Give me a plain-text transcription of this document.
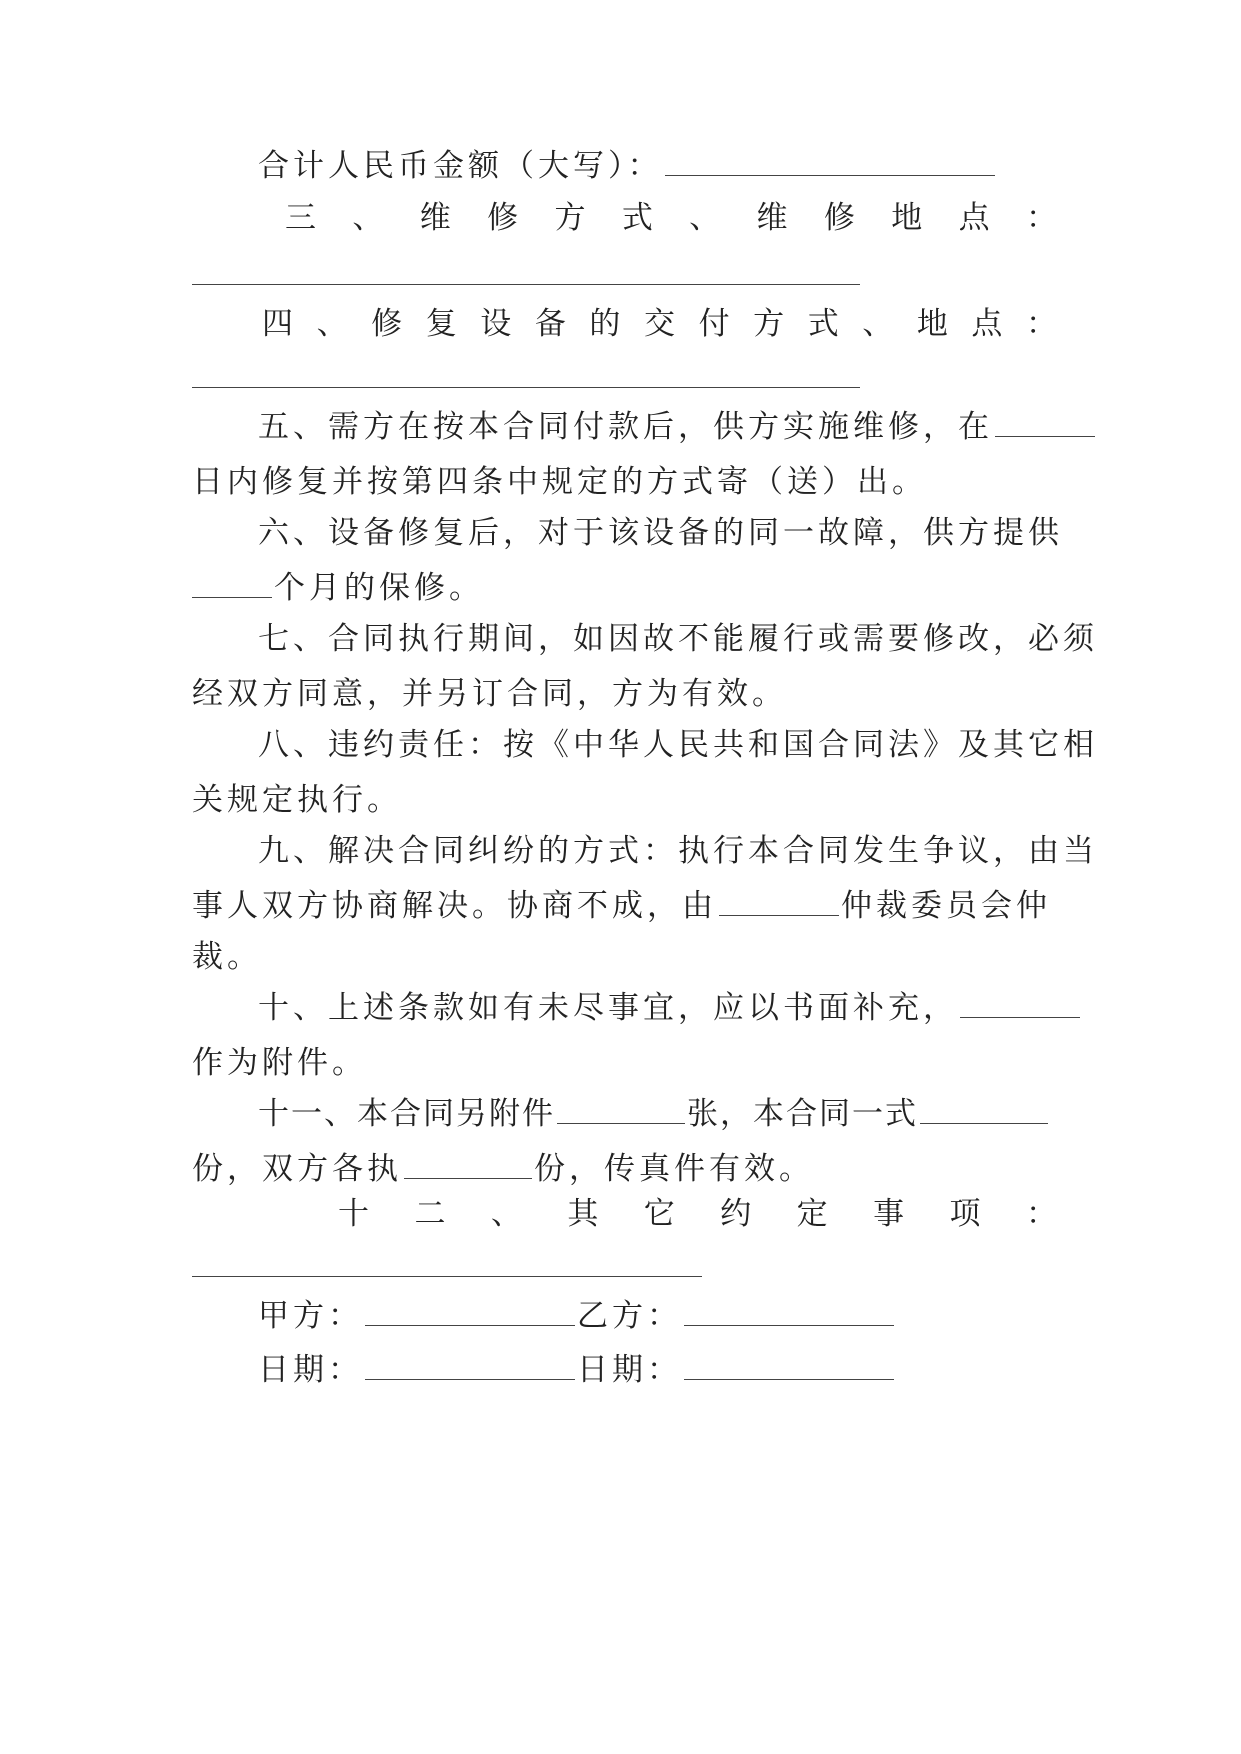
合计人民币金额（大写）：
三、维修方式、维修地点：
四、修复设备的交付方式、地点：
五、需方在按本合同付款后，供方实施维修，在
日内修复并按第四条中规定的方式寄（送）出。
六、设备修复后，对于该设备的同一故障，供方提供
个月的保修。
七、合同执行期间，如因故不能履行或需要修改，必须
经双方同意，并另订合同，方为有效。
八、违约责任：按《中华人民共和国合同法》及其它相
关规定执行。
九、解决合同纠纷的方式：执行本合同发生争议，由当
事人双方协商解决。协商不成，由	仲裁委员会仲
裁。
十、上述条款如有未尽事宜，应以书面补充，
作为附件。
十一、本合同另附件	张，本合同一式
份，双方各执	份，传真件有效。
十二、其它约定事项：
甲方：	乙方：
日期：	日期：
